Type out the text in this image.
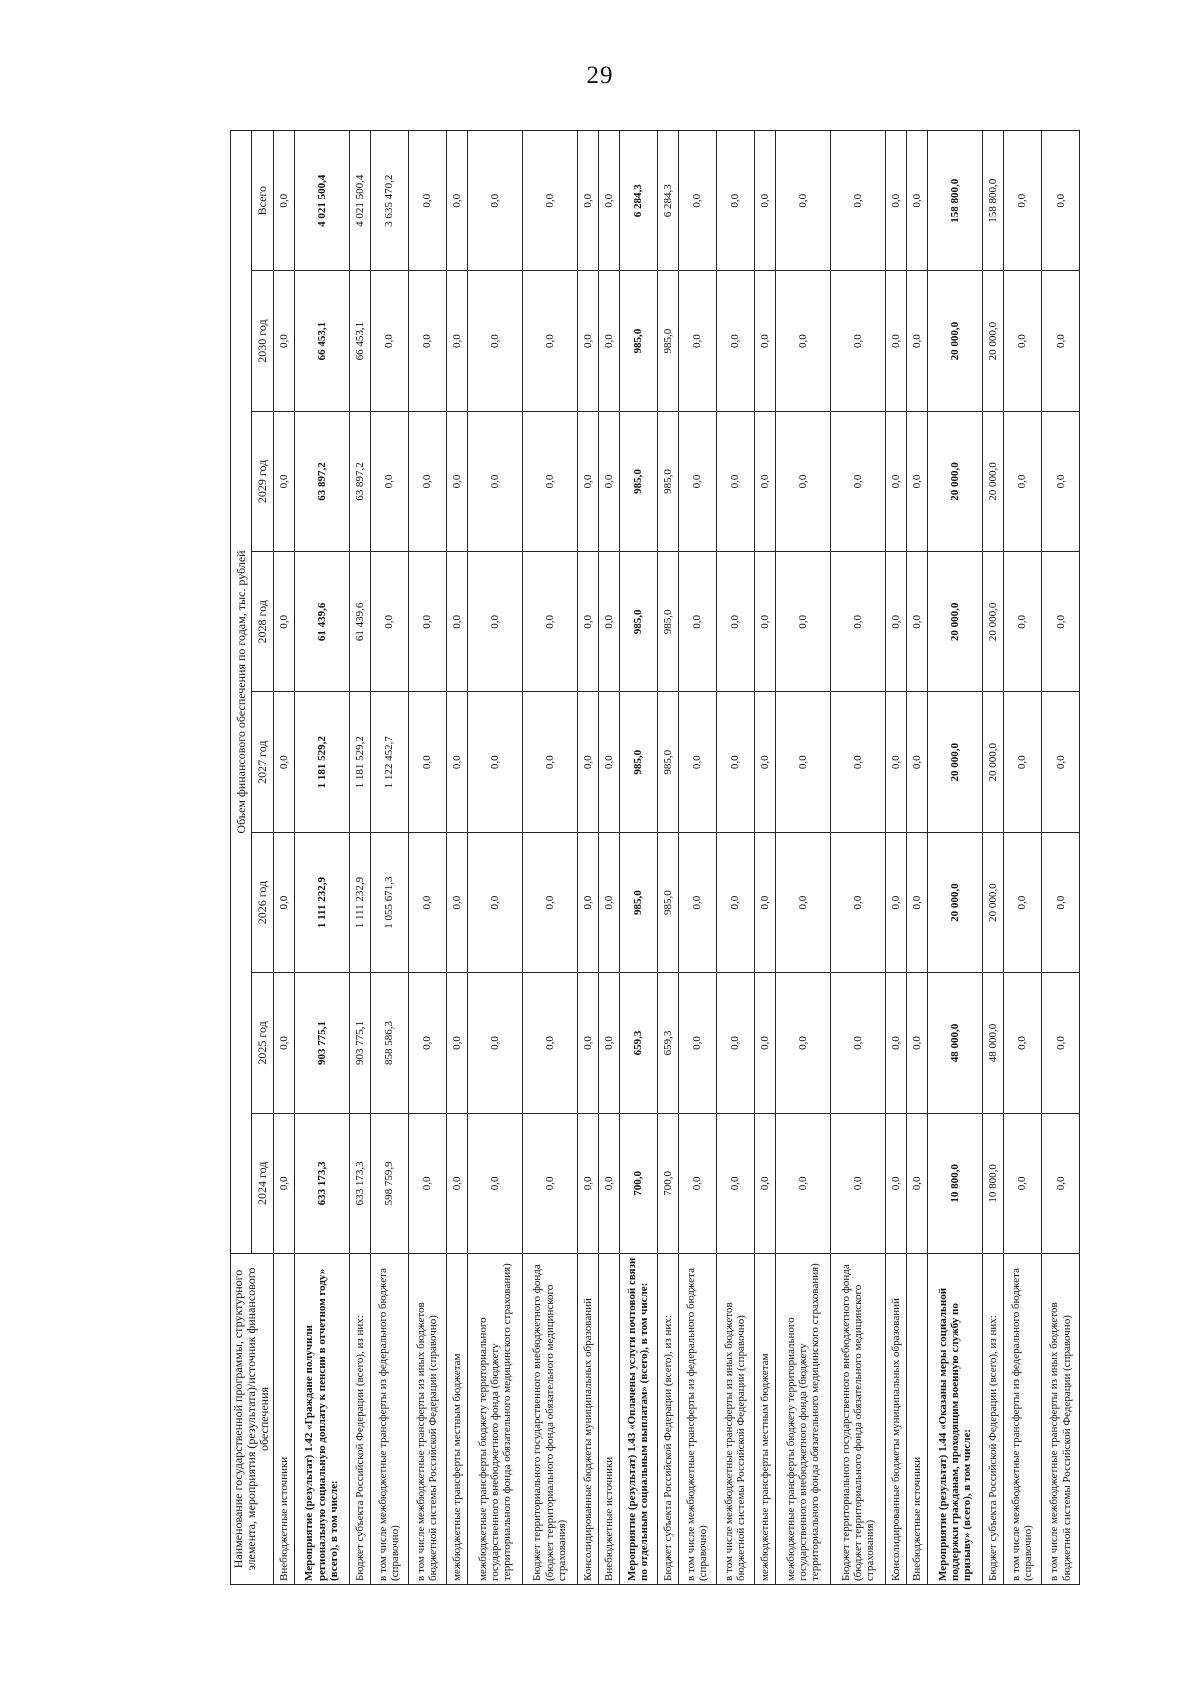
29
Наименование государственной программы, структурного элемента, мероприятия (результата)/источник финансового обеспечения	Объем финансового обеспечения по годам, тыс. рублей							
	2024 год	2025 год	2026 год	2027 год	2028 год	2029 год	2030 год	Всего
Внебюджетные источники	0,0	0,0	0,0	0,0	0,0	0,0	0,0	0,0
Мероприятие (результат) 1.42 «Граждане получили региональную социальную доплату к пенсии в отчетном году» (всего), в том числе:	633 173,3	903 775,1	1 111 232,9	1 181 529,2	61 439,6	63 897,2	66 453,1	4 021 500,4
Бюджет субъекта Российской Федерации (всего), из них:	633 173,3	903 775,1	1 111 232,9	1 181 529,2	61 439,6	63 897,2	66 453,1	4 021 500,4
в том числе межбюджетные трансферты из федерального бюджета (справочно)	598 759,9	858 586,3	1 055 671,3	1 122 452,7	0,0	0,0	0,0	3 635 470,2
в том числе межбюджетные трансферты из иных бюджетов бюджетной системы Российской Федерации (справочно)	0,0	0,0	0,0	0,0	0,0	0,0	0,0	0,0
межбюджетные трансферты местным бюджетам	0,0	0,0	0,0	0,0	0,0	0,0	0,0	0,0
межбюджетные трансферты бюджету территориального государственного внебюджетного фонда (бюджету территориального фонда обязательного медицинского страхования)	0,0	0,0	0,0	0,0	0,0	0,0	0,0	0,0
Бюджет территориального государственного внебюджетного фонда (бюджет территориального фонда обязательного медицинского страхования)	0,0	0,0	0,0	0,0	0,0	0,0	0,0	0,0
Консолидированные бюджеты муниципальных образований	0,0	0,0	0,0	0,0	0,0	0,0	0,0	0,0
Внебюджетные источники	0,0	0,0	0,0	0,0	0,0	0,0	0,0	0,0
Мероприятие (результат) 1.43 «Оплачены услуги почтовой связи по отдельным социальным выплатам» (всего), в том числе:	700,0	659,3	985,0	985,0	985,0	985,0	985,0	6 284,3
Бюджет субъекта Российской Федерации (всего), из них:	700,0	659,3	985,0	985,0	985,0	985,0	985,0	6 284,3
в том числе межбюджетные трансферты из федерального бюджета (справочно)	0,0	0,0	0,0	0,0	0,0	0,0	0,0	0,0
в том числе межбюджетные трансферты из иных бюджетов бюджетной системы Российской Федерации (справочно)	0,0	0,0	0,0	0,0	0,0	0,0	0,0	0,0
межбюджетные трансферты местным бюджетам	0,0	0,0	0,0	0,0	0,0	0,0	0,0	0,0
межбюджетные трансферты бюджету территориального государственного внебюджетного фонда (бюджету территориального фонда обязательного медицинского страхования)	0,0	0,0	0,0	0,0	0,0	0,0	0,0	0,0
Бюджет территориального государственного внебюджетного фонда (бюджет территориального фонда обязательного медицинского страхования)	0,0	0,0	0,0	0,0	0,0	0,0	0,0	0,0
Консолидированные бюджеты муниципальных образований	0,0	0,0	0,0	0,0	0,0	0,0	0,0	0,0
Внебюджетные источники	0,0	0,0	0,0	0,0	0,0	0,0	0,0	0,0
Мероприятие (результат) 1.44 «Оказаны меры социальной поддержки гражданам, проходящим военную службу по призыву» (всего), в том числе:	10 800,0	48 000,0	20 000,0	20 000,0	20 000,0	20 000,0	20 000,0	158 800,0
Бюджет субъекта Российской Федерации (всего), из них:	10 800,0	48 000,0	20 000,0	20 000,0	20 000,0	20 000,0	20 000,0	158 800,0
в том числе межбюджетные трансферты из федерального бюджета (справочно)	0,0	0,0	0,0	0,0	0,0	0,0	0,0	0,0
в том числе межбюджетные трансферты из иных бюджетов бюджетной системы Российской Федерации (справочно)	0,0	0,0	0,0	0,0	0,0	0,0	0,0	0,0
